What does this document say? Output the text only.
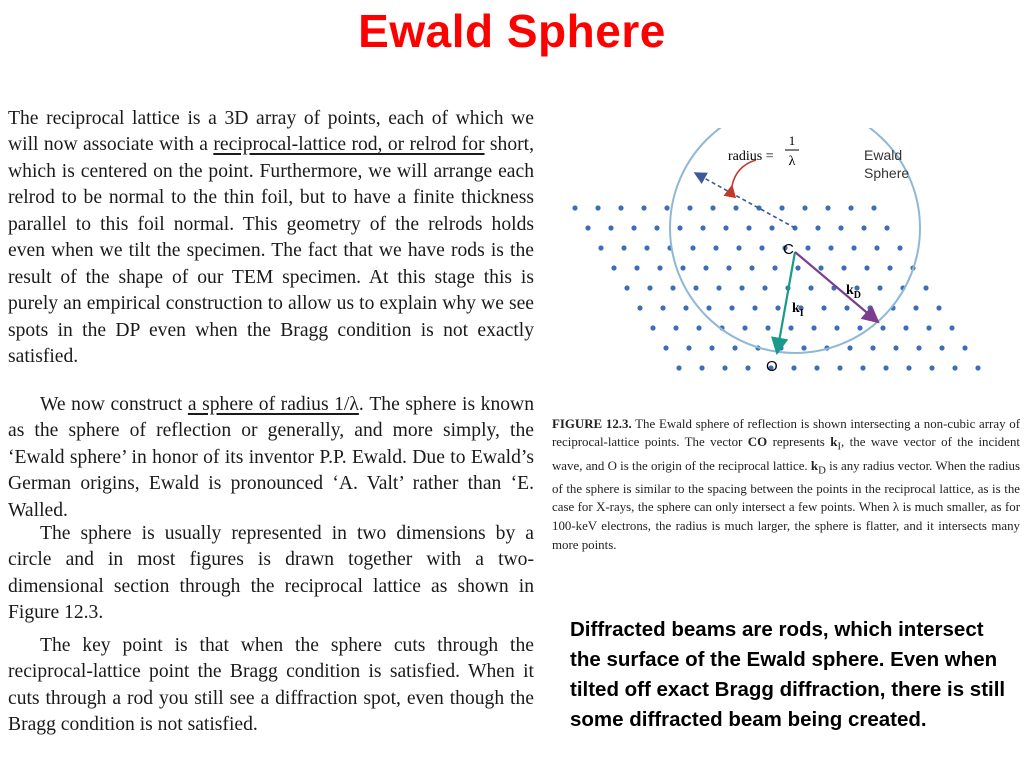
Ewald Sphere

The reciprocal lattice is a 3D array of points, each of which we will now associate with a reciprocal-lattice rod, or relrod for short, which is centered on the point. Furthermore, we will arrange each relrod to be normal to the thin foil, but to have a finite thickness parallel to this foil normal. This geometry of the relrods holds even when we tilt the specimen. The fact that we have rods is the result of the shape of our TEM specimen. At this stage this is purely an empirical construction to allow us to explain why we see spots in the DP even when the Bragg condition is not exactly satisfied.

We now construct a sphere of radius 1/λ. The sphere is known as the sphere of reflection or generally, and more simply, the ‘Ewald sphere’ in honor of its inventor P.P. Ewald. Due to Ewald’s German origins, Ewald is pronounced ‘A. Valt’ rather than ‘E. Walled.

The sphere is usually represented in two dimensions by a circle and in most figures is drawn together with a two-dimensional section through the reciprocal lattice as shown in Figure 12.3.

The key point is that when the sphere cuts through the reciprocal-lattice point the Bragg condition is satisfied. When it cuts through a rod you still see a diffraction spot, even though the Bragg condition is not satisfied.

radius =
1
λ	Ewald
Sphere
C
O
$k_D$
$k_I$

FIGURE 12.3. The Ewald sphere of reflection is shown intersecting a non-cubic array of reciprocal-lattice points. The vector CO represents $k_I$, the wave vector of the incident wave, and O is the origin of the reciprocal lattice. $k_D$ is any radius vector. When the radius of the sphere is similar to the spacing between the points in the reciprocal lattice, as is the case for X-rays, the sphere can only intersect a few points. When λ is much smaller, as for 100-keV electrons, the radius is much larger, the sphere is flatter, and it intersects many more points.

Diffracted beams are rods, which intersect the surface of the Ewald sphere. Even when tilted off exact Bragg diffraction, there is still some diffracted beam being created.
